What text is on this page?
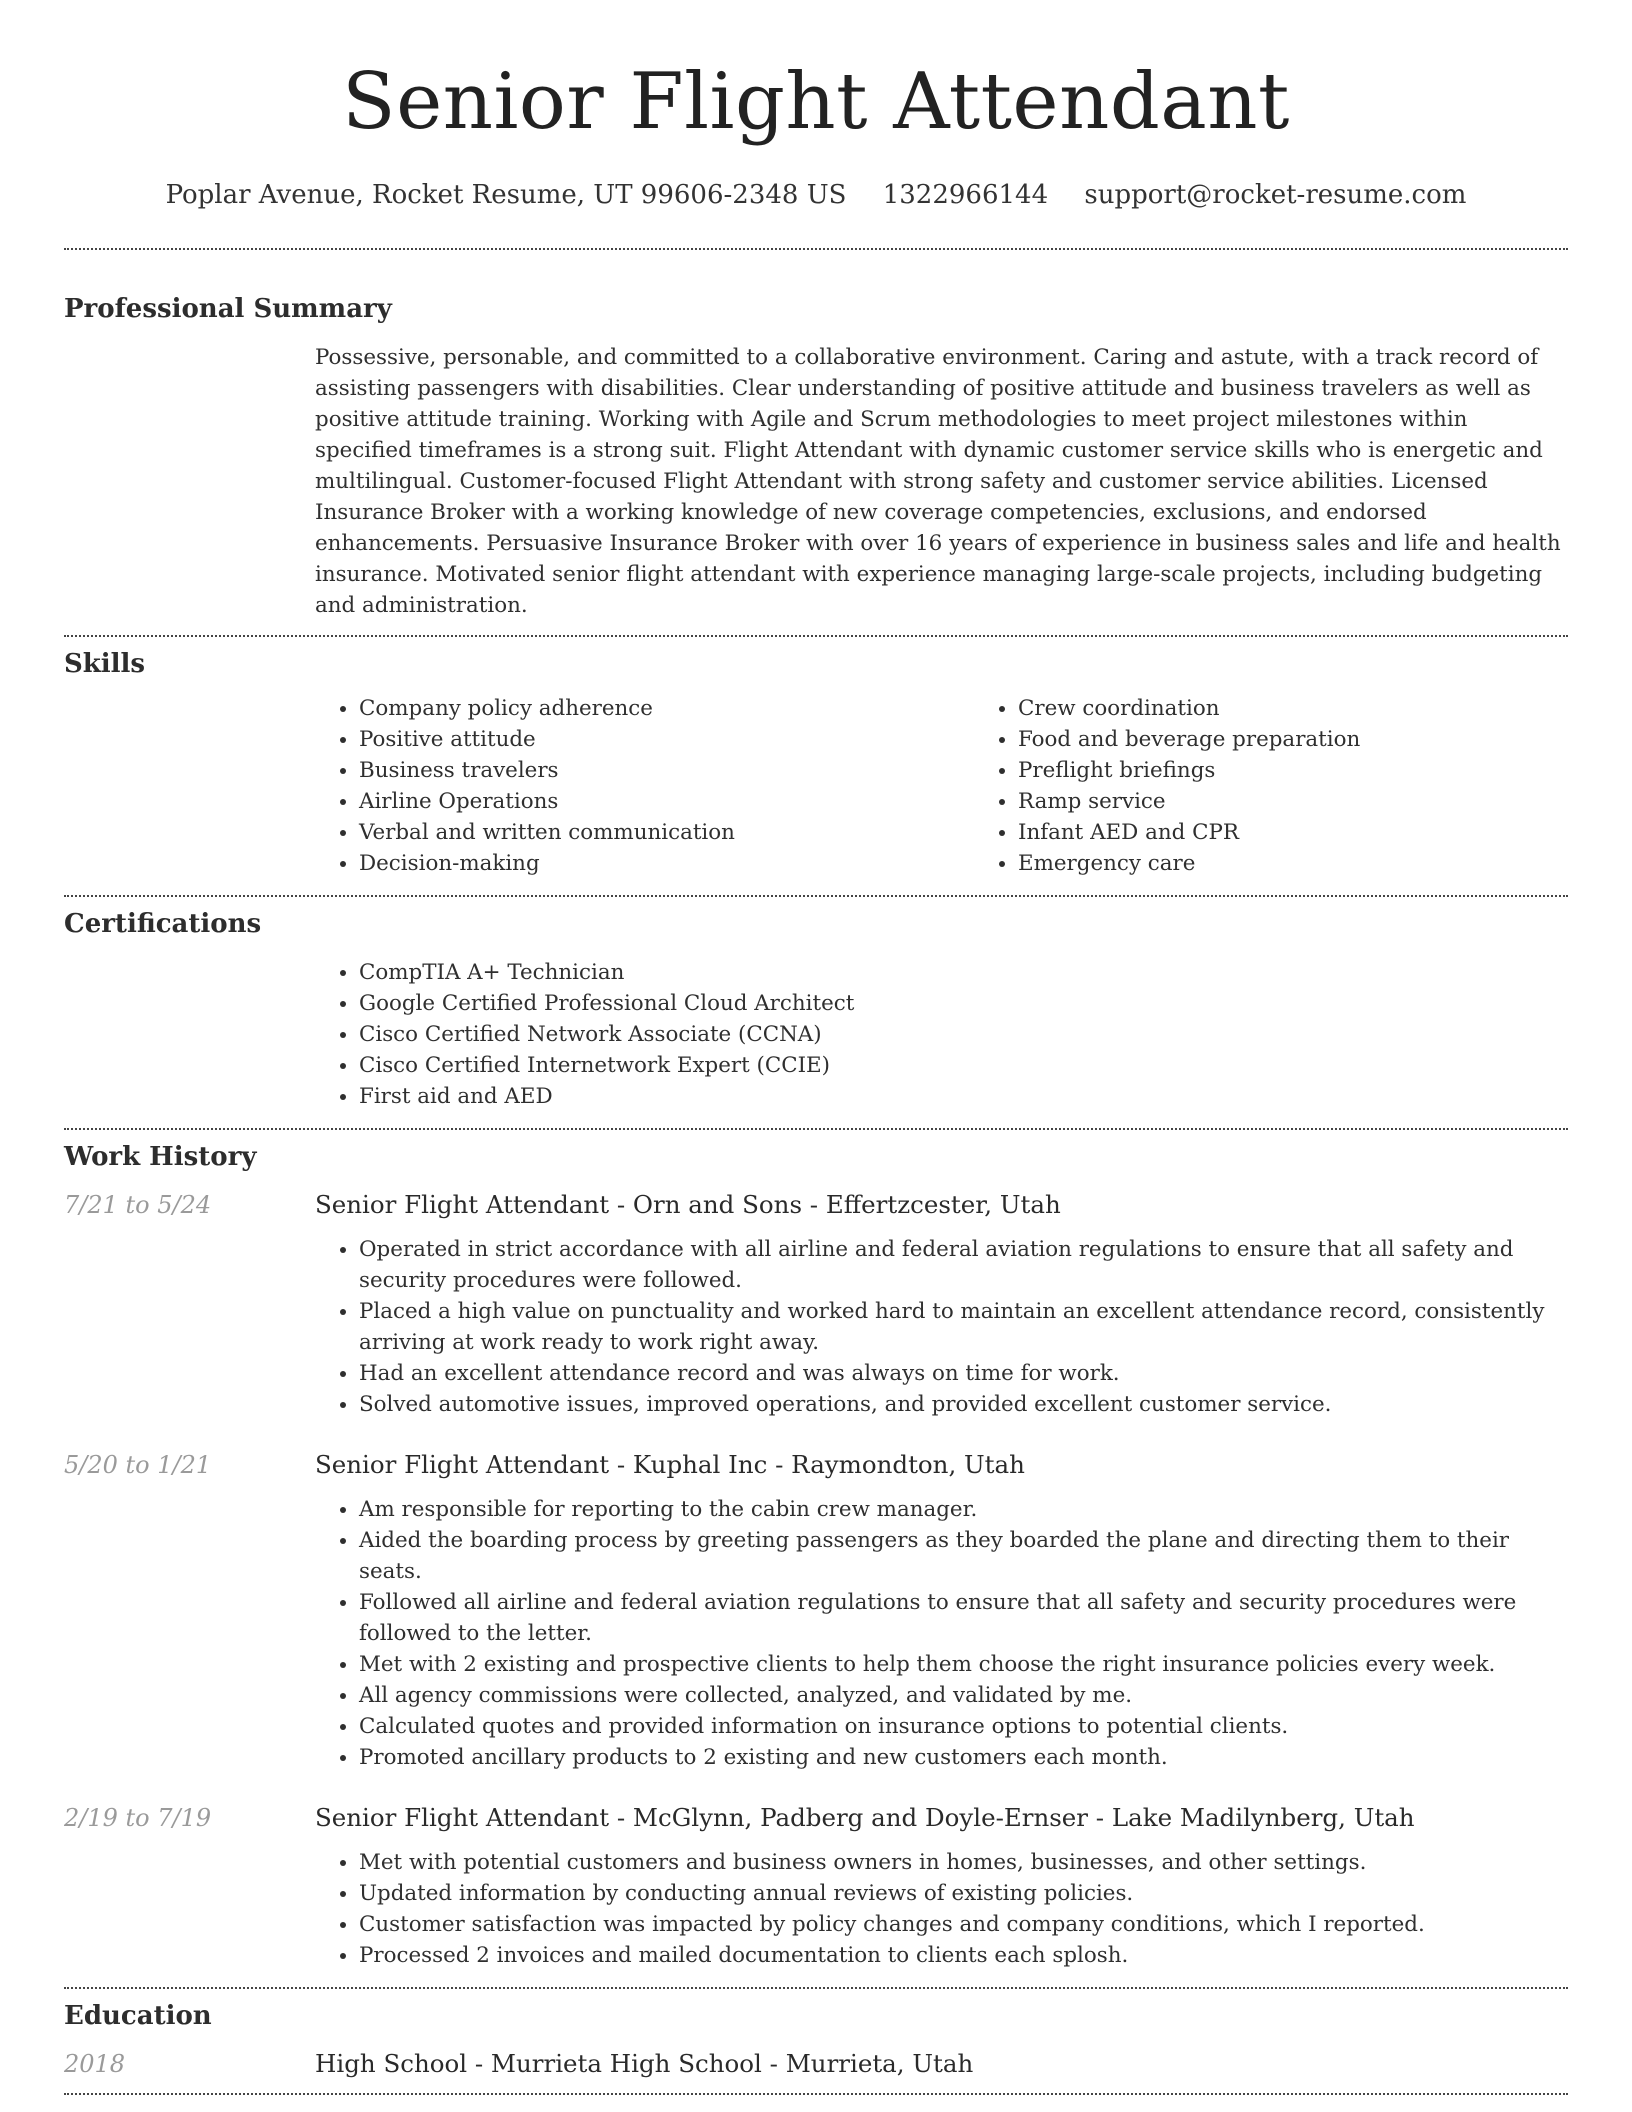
Senior Flight Attendant
Poplar Avenue, Rocket Resume, UT 99606-2348 US 1322966144 support@rocket-resume.com
Professional Summary

Possessive, personable, and committed to a collaborative environment. Caring and astute, with a track record of assisting passengers with disabilities. Clear understanding of positive attitude and business travelers as well as positive attitude training. Working with Agile and Scrum methodologies to meet project milestones within specified timeframes is a strong suit. Flight Attendant with dynamic customer service skills who is energetic and multilingual. Customer-focused Flight Attendant with strong safety and customer service abilities. Licensed Insurance Broker with a working knowledge of new coverage competencies, exclusions, and endorsed enhancements. Persuasive Insurance Broker with over 16 years of experience in business sales and life and health insurance. Motivated senior flight attendant with experience managing large-scale projects, including budgeting and administration.

Skills
• Company policy adherence
• Positive attitude
• Business travelers
• Airline Operations
• Verbal and written communication
• Decision-making
• Crew coordination
• Food and beverage preparation
• Preflight briefings
• Ramp service
• Infant AED and CPR
• Emergency care
Certifications
• CompTIA A+ Technician
• Google Certified Professional Cloud Architect
• Cisco Certified Network Associate (CCNA)
• Cisco Certified Internetwork Expert (CCIE)
• First aid and AED
Work History
7/21 to 5/24	Senior Flight Attendant - Orn and Sons - Effertzcester, Utah
• Operated in strict accordance with all airline and federal aviation regulations to ensure that all safety and security procedures were followed.
• Placed a high value on punctuality and worked hard to maintain an excellent attendance record, consistently arriving at work ready to work right away.
• Had an excellent attendance record and was always on time for work.
• Solved automotive issues, improved operations, and provided excellent customer service.
5/20 to 1/21	Senior Flight Attendant - Kuphal Inc - Raymondton, Utah
• Am responsible for reporting to the cabin crew manager.
• Aided the boarding process by greeting passengers as they boarded the plane and directing them to their seats.
• Followed all airline and federal aviation regulations to ensure that all safety and security procedures were followed to the letter.
• Met with 2 existing and prospective clients to help them choose the right insurance policies every week.
• All agency commissions were collected, analyzed, and validated by me.
• Calculated quotes and provided information on insurance options to potential clients.
• Promoted ancillary products to 2 existing and new customers each month.
2/19 to 7/19	Senior Flight Attendant - McGlynn, Padberg and Doyle-Ernser - Lake Madilynberg, Utah
• Met with potential customers and business owners in homes, businesses, and other settings.
• Updated information by conducting annual reviews of existing policies.
• Customer satisfaction was impacted by policy changes and company conditions, which I reported.
• Processed 2 invoices and mailed documentation to clients each splosh.
Education
2018	High School - Murrieta High School - Murrieta, Utah
